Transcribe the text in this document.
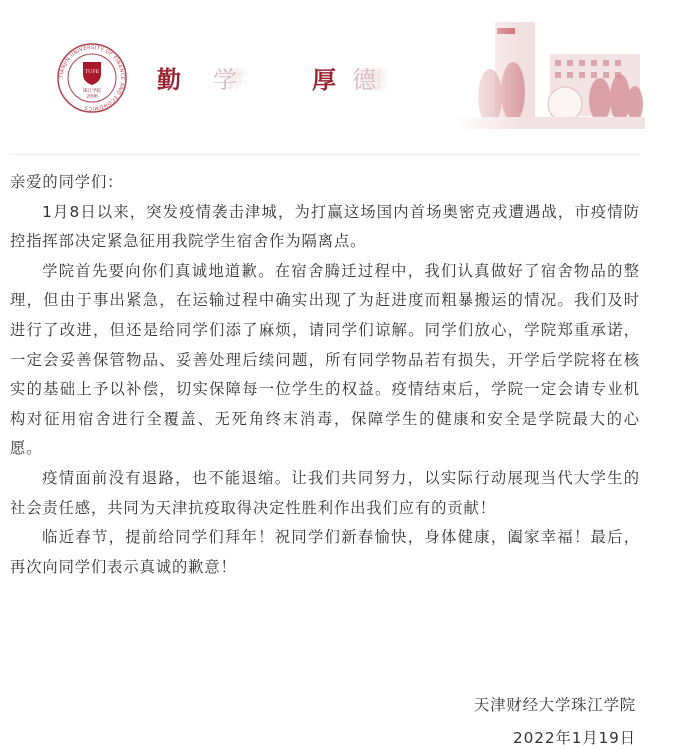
TIANJIN UNIVERSITY OF FINANCE AND ECONOMICS
TUFE
珠江学院
2006
勤 学	厚 德

亲爱的同学们：

1月8日以来，突发疫情袭击津城，为打赢这场国内首场奥密克戎遭遇战，市疫情防控指挥部决定紧急征用我院学生宿舍作为隔离点。

学院首先要向你们真诚地道歉。在宿舍腾迁过程中，我们认真做好了宿舍物品的整理，但由于事出紧急，在运输过程中确实出现了为赶进度而粗暴搬运的情况。我们及时进行了改进，但还是给同学们添了麻烦，请同学们谅解。同学们放心，学院郑重承诺，一定会妥善保管物品、妥善处理后续问题，所有同学物品若有损失，开学后学院将在核实的基础上予以补偿，切实保障每一位学生的权益。疫情结束后，学院一定会请专业机构对征用宿舍进行全覆盖、无死角终末消毒，保障学生的健康和安全是学院最大的心愿。

疫情面前没有退路，也不能退缩。让我们共同努力，以实际行动展现当代大学生的社会责任感，共同为天津抗疫取得决定性胜利作出我们应有的贡献！

临近春节，提前给同学们拜年！祝同学们新春愉快，身体健康，阖家幸福！最后，再次向同学们表示真诚的歉意！

天津财经大学珠江学院
2022年1月19日
